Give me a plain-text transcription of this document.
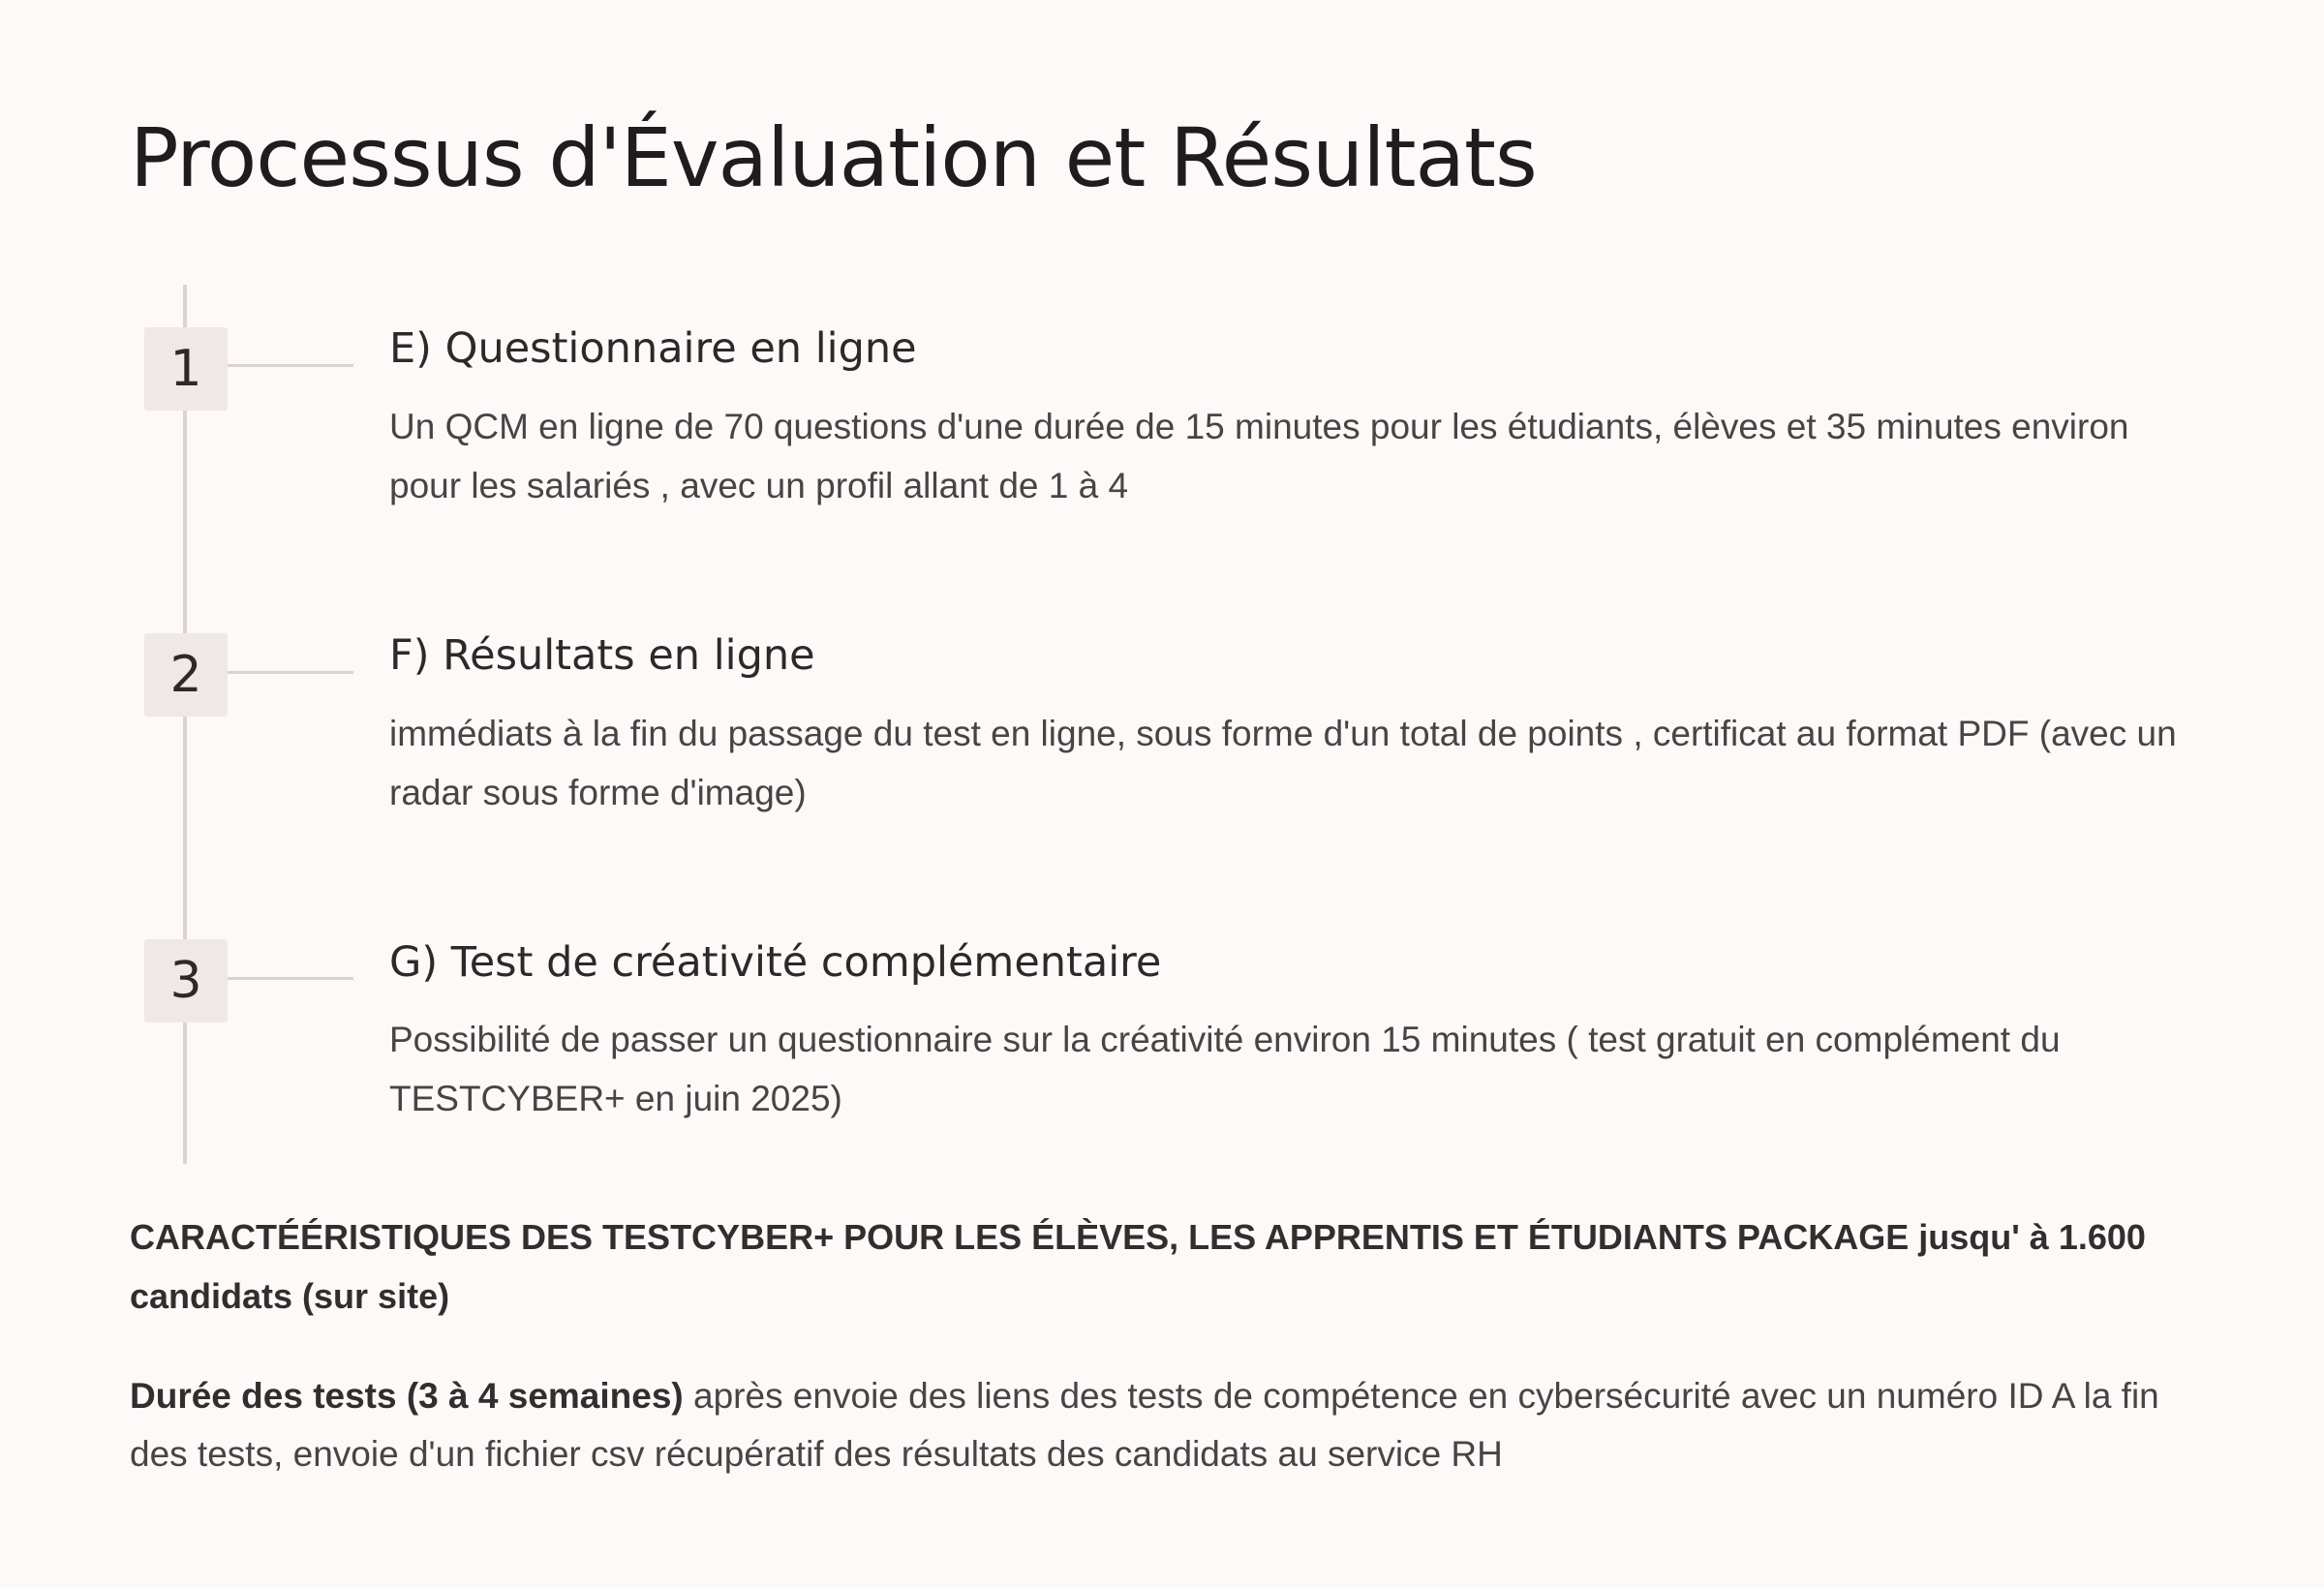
Processus d'Évaluation et Résultats
1	E) Questionnaire en ligne

Un QCM en ligne de 70 questions d'une durée de 15 minutes pour les étudiants, élèves et 35 minutes environ pour les salariés , avec un profil allant de 1 à 4

2	F) Résultats en ligne

immédiats à la fin du passage du test en ligne, sous forme d'un total de points , certificat au format PDF (avec un radar sous forme d'image)

3	G) Test de créativité complémentaire

Possibilité de passer un questionnaire sur la créativité environ 15 minutes ( test gratuit en complément du TESTCYBER+ en juin 2025)

CARACTÉÉRISTIQUES DES TESTCYBER+ POUR LES ÉLÈVES, LES APPRENTIS ET ÉTUDIANTS PACKAGE jusqu' à 1.600 candidats (sur site)

Durée des tests (3 à 4 semaines) après envoie des liens des tests de compétence en cybersécurité avec un numéro ID A la fin des tests, envoie d'un fichier csv récupératif des résultats des candidats au service RH
